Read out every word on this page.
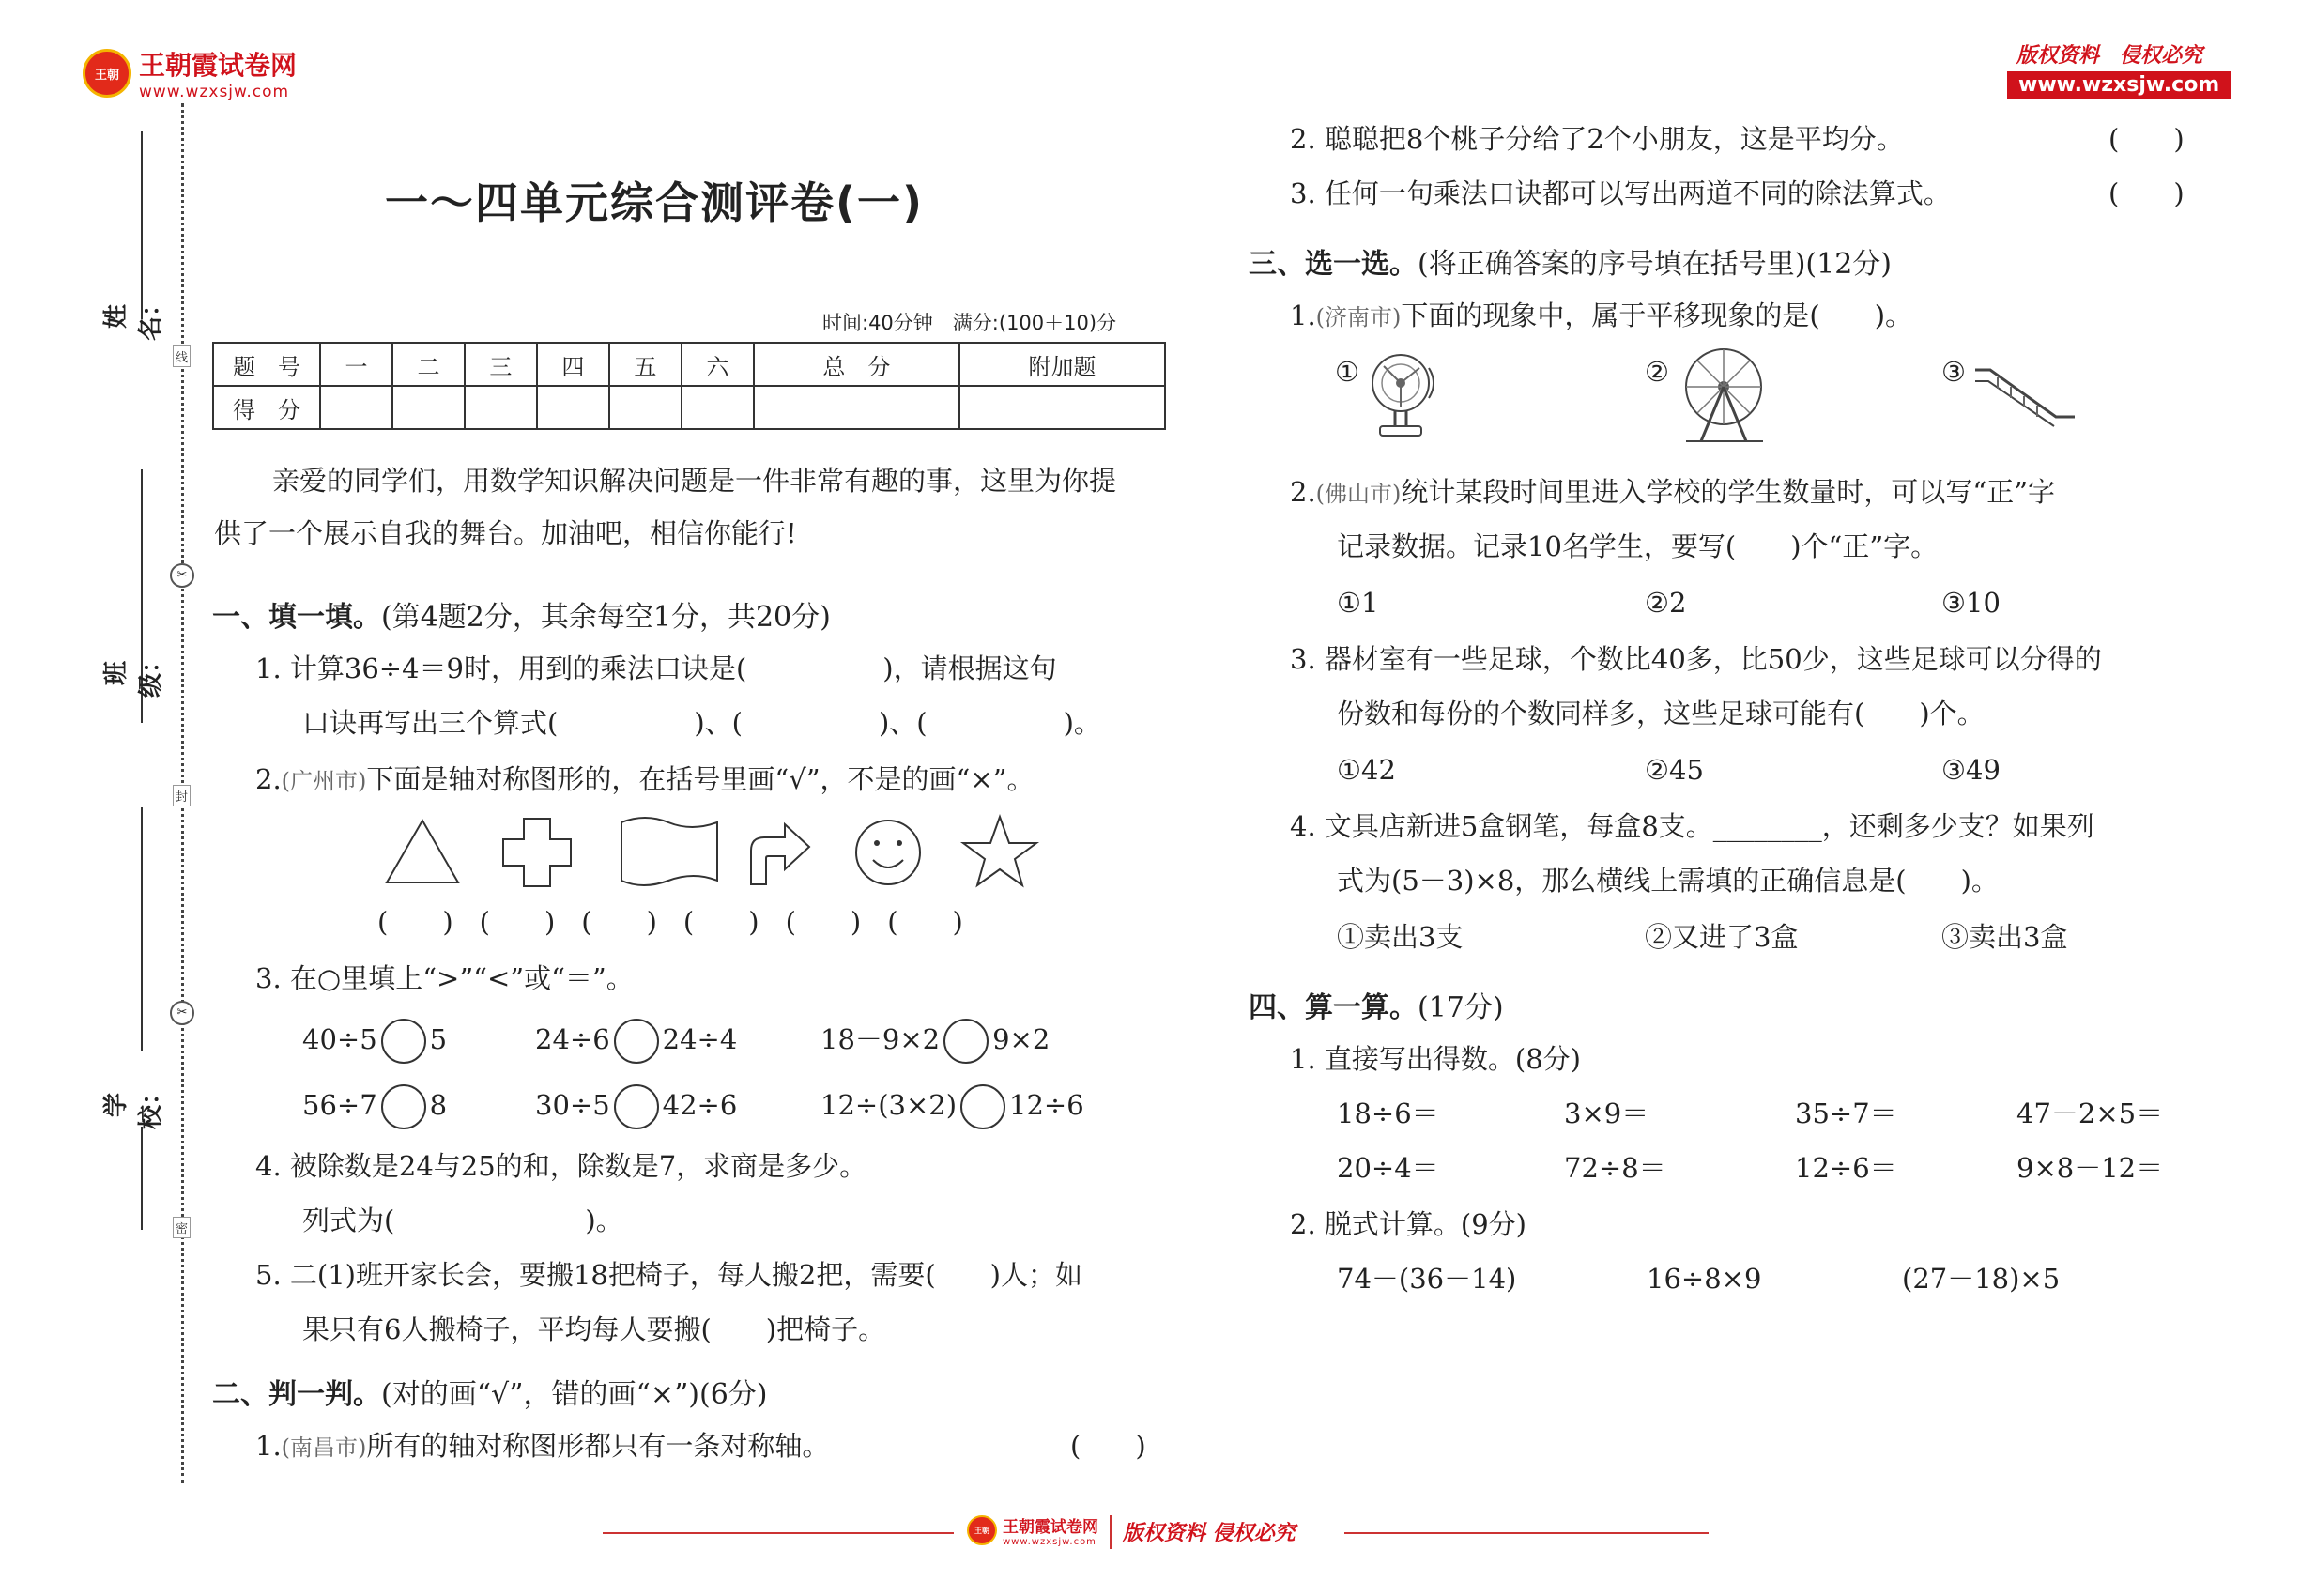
王朝 王朝霞试卷网
www.wzxsjw.com
版权资料　侵权必究
www.wzxsjw.com
姓　名：
班　级：
学　校：
线
✂
封
✂
密
一～四单元综合测评卷(一)
时间:40分钟　满分:(100＋10)分
题　号	一	二	三	四	五	六	总　分	附加题
得　分								
亲爱的同学们，用数学知识解决问题是一件非常有趣的事，这里为你提
供了一个展示自我的舞台。加油吧，相信你能行!
一、填一填。(第4题2分，其余每空1分，共20分)
1. 计算36÷4＝9时，用到的乘法口诀是(　　　　　)，请根据这句
口诀再写出三个算式(　　　　　)、(　　　　　)、(　　　　　)。
2.(广州市)下面是轴对称图形的，在括号里画“√”，不是的画“×”。
(　　) (　　) (　　) (　　) (　　) (　　)
3. 在○里填上“>”“<”或“＝”。
40÷5 5	24÷6 24÷4	18－9×2 9×2
56÷7 8	30÷5 42÷6	12÷(3×2) 12÷6
4. 被除数是24与25的和，除数是7，求商是多少。
列式为(　　　　　　　)。
5. 二(1)班开家长会，要搬18把椅子，每人搬2把，需要(　　)人；如
果只有6人搬椅子，平均每人要搬(　　)把椅子。
二、判一判。(对的画“√”，错的画“×”)(6分)
1.(南昌市)所有的轴对称图形都只有一条对称轴。	(　　)
2. 聪聪把8个桃子分给了2个小朋友，这是平均分。	(　　)
3. 任何一句乘法口诀都可以写出两道不同的除法算式。	(　　)
三、选一选。(将正确答案的序号填在括号里)(12分)
1.(济南市)下面的现象中，属于平移现象的是(　　)。
①	②	③
2.(佛山市)统计某段时间里进入学校的学生数量时，可以写“正”字
记录数据。记录10名学生，要写(　　)个“正”字。
①1	②2	③10
3. 器材室有一些足球，个数比40多，比50少，这些足球可以分得的
份数和每份的个数同样多，这些足球可能有(　　)个。
①42	②45	③49
4. 文具店新进5盒钢笔，每盒8支。________，还剩多少支？如果列
式为(5－3)×8，那么横线上需填的正确信息是(　　)。
①卖出3支	②又进了3盒	③卖出3盒
四、算一算。(17分)
1. 直接写出得数。(8分)
18÷6＝	3×9＝	35÷7＝	47－2×5＝
20÷4＝	72÷8＝	12÷6＝	9×8－12＝
2. 脱式计算。(9分)
74－(36－14)	16÷8×9	(27－18)×5
王朝 王朝霞试卷网
www.wzxsjw.com 版权资料 侵权必究
